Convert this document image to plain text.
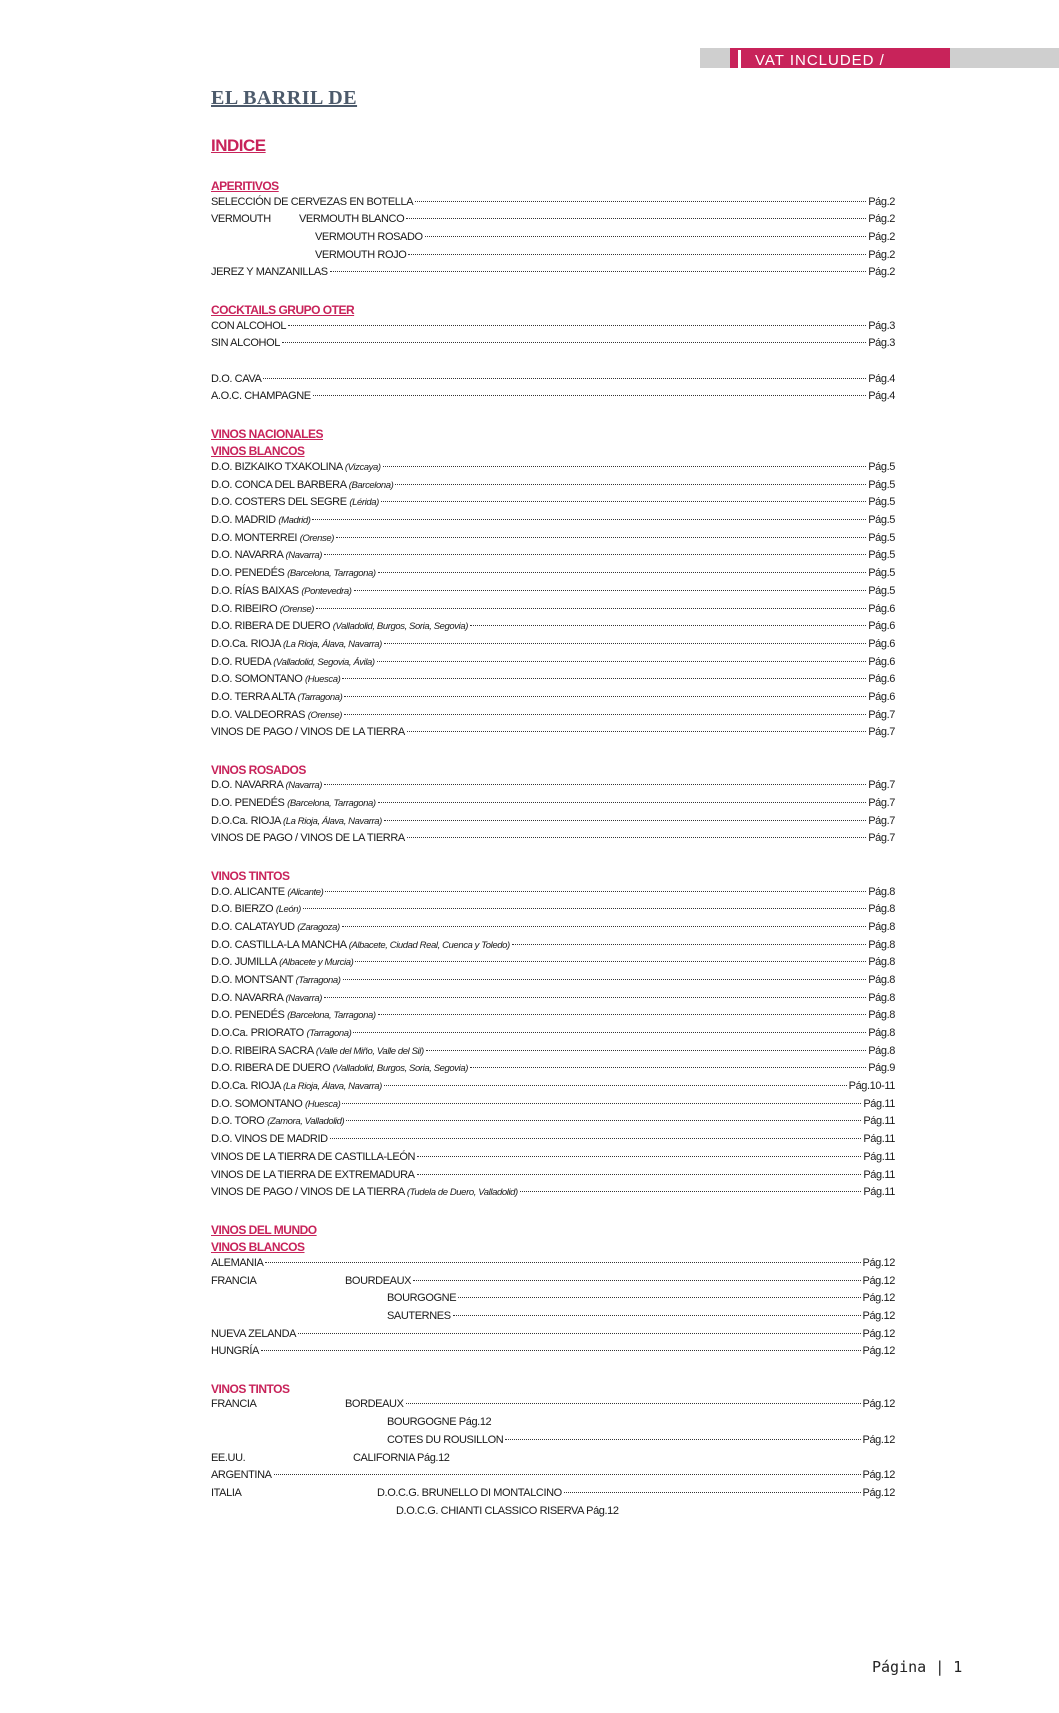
VAT INCLUDED /
EL BARRIL DE
INDICE
APERITIVOS
SELECCIÓN DE CERVEZAS EN BOTELLA	Pág.2
VERMOUTH	VERMOUTH BLANCO	Pág.2
VERMOUTH ROSADO	Pág.2
VERMOUTH ROJO	Pág.2
JEREZ Y MANZANILLAS	Pág.2
COCKTAILS GRUPO OTER
CON ALCOHOL	Pág.3
SIN ALCOHOL	Pág.3
D.O. CAVA	Pág.4
A.O.C. CHAMPAGNE	Pág.4
VINOS NACIONALES
VINOS BLANCOS
D.O. BIZKAIKO TXAKOLINA (Vizcaya)	Pág.5
D.O. CONCA DEL BARBERA (Barcelona)	Pág.5
D.O. COSTERS DEL SEGRE (Lérida)	Pág.5
D.O. MADRID (Madrid)	Pág.5
D.O. MONTERREI (Orense)	Pág.5
D.O. NAVARRA (Navarra)	Pág.5
D.O. PENEDÉS (Barcelona, Tarragona)	Pág.5
D.O. RÍAS BAIXAS (Pontevedra)	Pág.5
D.O. RIBEIRO (Orense)	Pág.6
D.O. RIBERA DE DUERO (Valladolid, Burgos, Soria, Segovia)	Pág.6
D.O.Ca. RIOJA (La Rioja, Álava, Navarra)	Pág.6
D.O. RUEDA (Valladolid, Segovia, Ávila)	Pág.6
D.O. SOMONTANO (Huesca)	Pág.6
D.O. TERRA ALTA (Tarragona)	Pág.6
D.O. VALDEORRAS (Orense)	Pág.7
VINOS DE PAGO / VINOS DE LA TIERRA	Pág.7
VINOS ROSADOS
D.O. NAVARRA (Navarra)	Pág.7
D.O. PENEDÉS (Barcelona, Tarragona)	Pág.7
D.O.Ca. RIOJA (La Rioja, Álava, Navarra)	Pág.7
VINOS DE PAGO / VINOS DE LA TIERRA	Pág.7
VINOS TINTOS
D.O. ALICANTE (Alicante)	Pág.8
D.O. BIERZO (León)	Pág.8
D.O. CALATAYUD (Zaragoza)	Pág.8
D.O. CASTILLA-LA MANCHA (Albacete, Ciudad Real, Cuenca y Toledo)	Pág.8
D.O. JUMILLA (Albacete y Murcia)	Pág.8
D.O. MONTSANT (Tarragona)	Pág.8
D.O. NAVARRA (Navarra)	Pág.8
D.O. PENEDÉS (Barcelona, Tarragona)	Pág.8
D.O.Ca. PRIORATO (Tarragona)	Pág.8
D.O. RIBEIRA SACRA (Valle del Miño, Valle del Sil)	Pág.8
D.O. RIBERA DE DUERO (Valladolid, Burgos, Soria, Segovia)	Pág.9
D.O.Ca. RIOJA (La Rioja, Álava, Navarra)	Pág.10-11
D.O. SOMONTANO (Huesca)	Pág.11
D.O. TORO (Zamora, Valladolid)	Pág.11
D.O. VINOS DE MADRID	Pág.11
VINOS DE LA TIERRA DE CASTILLA-LEÓN	Pág.11
VINOS DE LA TIERRA DE EXTREMADURA	Pág.11
VINOS DE PAGO / VINOS DE LA TIERRA (Tudela de Duero, Valladolid)	Pág.11
VINOS DEL MUNDO
VINOS BLANCOS
ALEMANIA	Pág.12
FRANCIA	BOURDEAUX	Pág.12
BOURGOGNE	Pág.12
SAUTERNES	Pág.12
NUEVA ZELANDA	Pág.12
HUNGRÍA	Pág.12
VINOS TINTOS
FRANCIA	BORDEAUX	Pág.12
BOURGOGNE Pág.12
COTES DU ROUSILLON	Pág.12
EE.UU.	CALIFORNIA Pág.12
ARGENTINA	Pág.12
ITALIA	D.O.C.G. BRUNELLO DI MONTALCINO	Pág.12
D.O.C.G. CHIANTI CLASSICO RISERVA Pág.12
Página | 1
